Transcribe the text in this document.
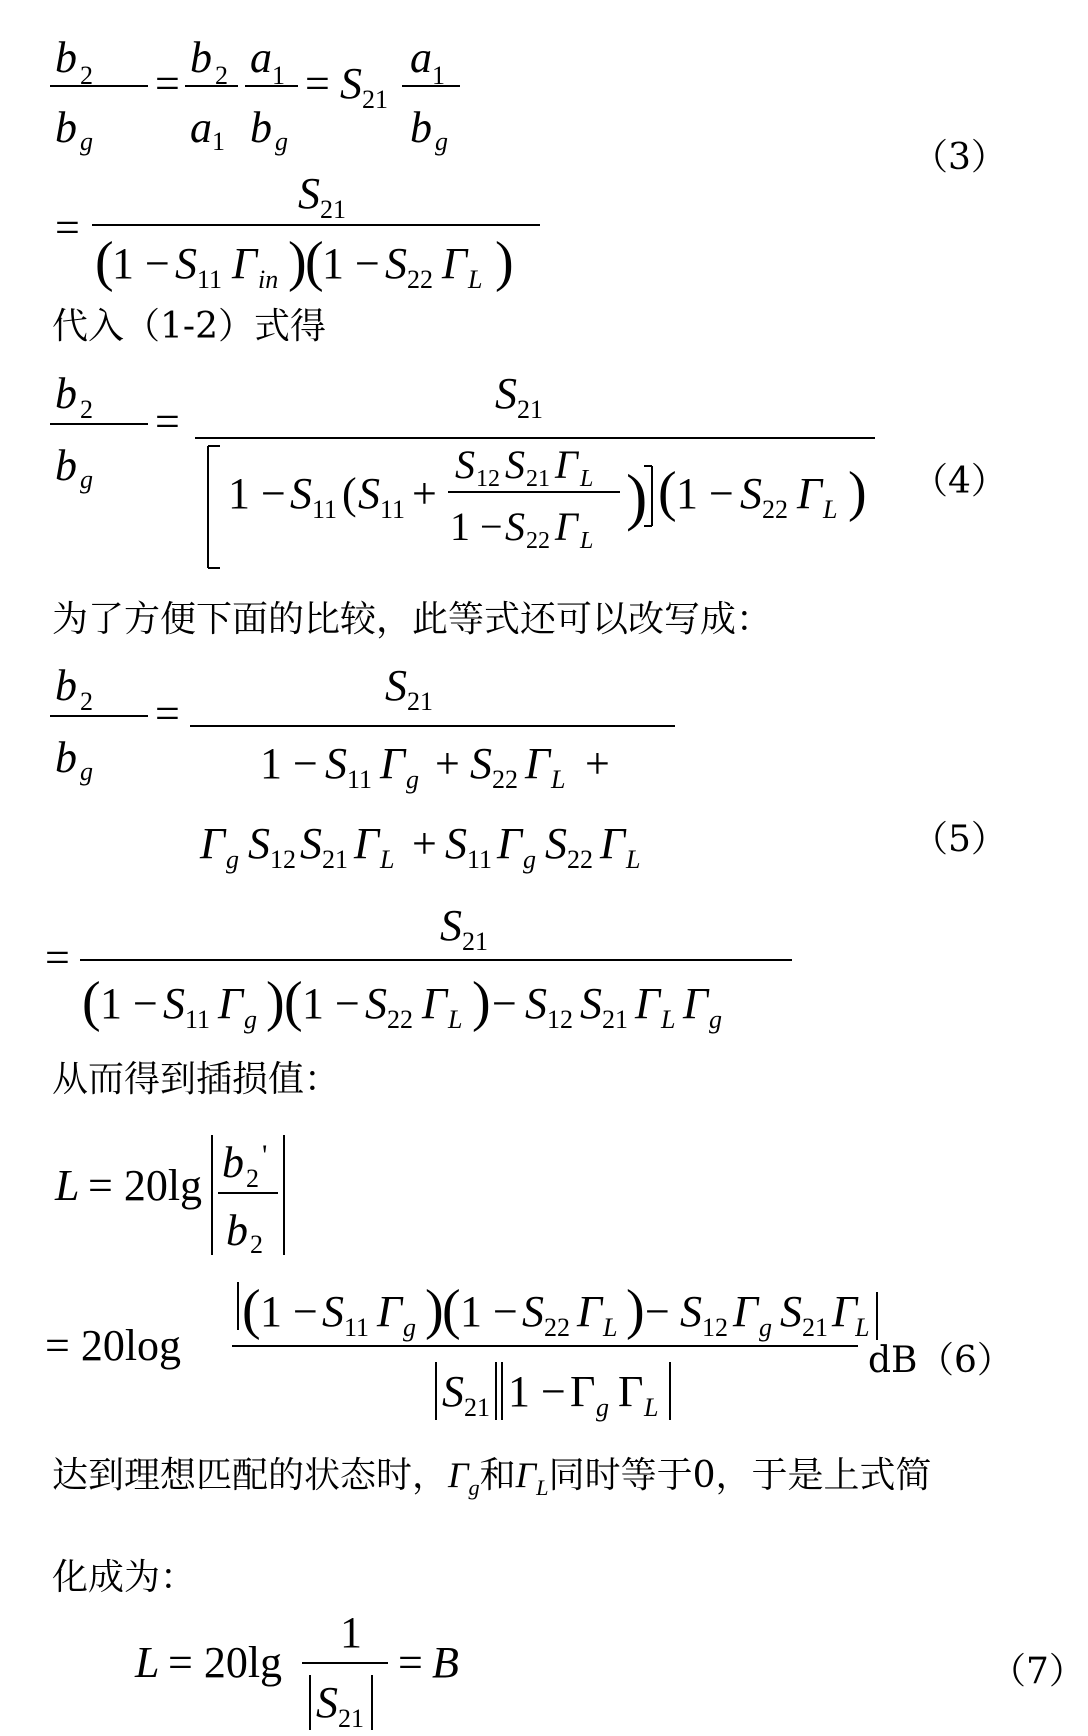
b 2
b g
=
b 2
a 1
a 1
b g
= S 21
a 1
b g	（3）
=
S 21
(
1 − S 11 Γ in )
(
1 − S 22 Γ L )
代入（1-2）式得
b 2
b g
=
S 21
1 − S 11 ( S 11 +
S 12 S 21 Γ L
1 − S 22 Γ L
) ( 1 − S 22 Γ L ) （4）
为了方便下面的比较，此等式还可以改写成：
b 2
b g
=
S 21
1 − S 11 Γ g + S 22 Γ L +
Γ g S 12 S 21 Γ L + S 11 Γ g S 22 Γ L
=
S 21
( 1 − S 11 Γ g ) ( 1 − S 22 Γ L ) − S 12 S 21 Γ L Γ g
（5）
从而得到插损值：
L = 20lg b 2
'
b 2
= 20log
( 1 − S 11 Γ g )
( 1 − S 22 Γ L ) − S 12 Γ g S 21 Γ
S 21 1 − Γ g Γ L
L
dB （6）
达到理想匹配的状态时，$\Gamma_g$和$\Gamma_L$同时等于0，于是上式简
化成为：
L = 20lg
1
S 21
= B	（7）
